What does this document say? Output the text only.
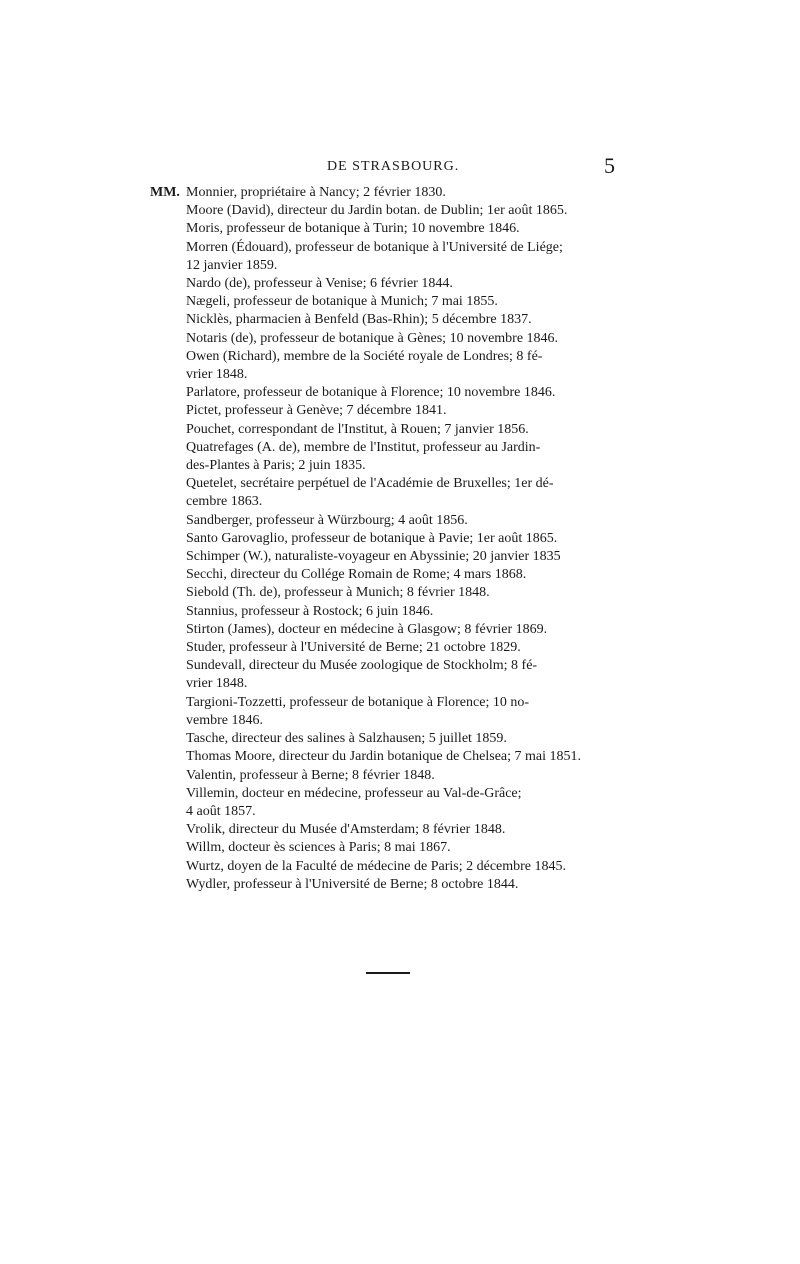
DE STRASBOURG.	5
MM. Monnier, propriétaire à Nancy; 2 février 1830.
Moore (David), directeur du Jardin botan. de Dublin; 1er août 1865.
Moris, professeur de botanique à Turin; 10 novembre 1846.
Morren (Édouard), professeur de botanique à l'Université de Liége;
12 janvier 1859.
Nardo (de), professeur à Venise; 6 février 1844.
Nægeli, professeur de botanique à Munich; 7 mai 1855.
Nicklès, pharmacien à Benfeld (Bas-Rhin); 5 décembre 1837.
Notaris (de), professeur de botanique à Gènes; 10 novembre 1846.
Owen (Richard), membre de la Société royale de Londres; 8 fé-
vrier 1848.
Parlatore, professeur de botanique à Florence; 10 novembre 1846.
Pictet, professeur à Genève; 7 décembre 1841.
Pouchet, correspondant de l'Institut, à Rouen; 7 janvier 1856.
Quatrefages (A. de), membre de l'Institut, professeur au Jardin-
des-Plantes à Paris; 2 juin 1835.
Quetelet, secrétaire perpétuel de l'Académie de Bruxelles; 1er dé-
cembre 1863.
Sandberger, professeur à Würzbourg; 4 août 1856.
Santo Garovaglio, professeur de botanique à Pavie; 1er août 1865.
Schimper (W.), naturaliste-voyageur en Abyssinie; 20 janvier 1835
Secchi, directeur du Collége Romain de Rome; 4 mars 1868.
Siebold (Th. de), professeur à Munich; 8 février 1848.
Stannius, professeur à Rostock; 6 juin 1846.
Stirton (James), docteur en médecine à Glasgow; 8 février 1869.
Studer, professeur à l'Université de Berne; 21 octobre 1829.
Sundevall, directeur du Musée zoologique de Stockholm; 8 fé-
vrier 1848.
Targioni-Tozzetti, professeur de botanique à Florence; 10 no-
vembre 1846.
Tasche, directeur des salines à Salzhausen; 5 juillet 1859.
Thomas Moore, directeur du Jardin botanique de Chelsea; 7 mai 1851.
Valentin, professeur à Berne; 8 février 1848.
Villemin, docteur en médecine, professeur au Val-de-Grâce;
4 août 1857.
Vrolik, directeur du Musée d'Amsterdam; 8 février 1848.
Willm, docteur ès sciences à Paris; 8 mai 1867.
Wurtz, doyen de la Faculté de médecine de Paris; 2 décembre 1845.
Wydler, professeur à l'Université de Berne; 8 octobre 1844.
